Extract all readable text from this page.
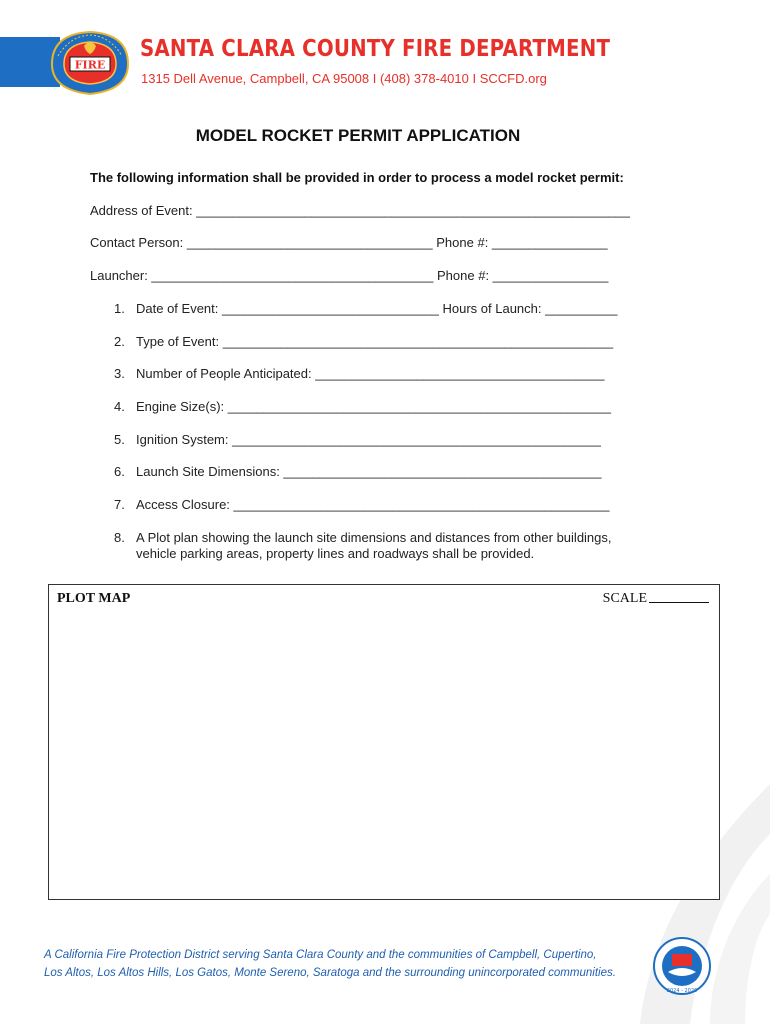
FIRE
SANTA CLARA COUNTY FIRE DEPARTMENT

1315 Dell Avenue, Campbell, CA 95008 I (408) 378-4010 I SCCFD.org

MODEL ROCKET PERMIT APPLICATION

The following information shall be provided in order to process a model rocket permit:

Address of Event: ____________________________________________________________
Contact Person: __________________________________ Phone #: ________________
Launcher: _______________________________________ Phone #: ________________
1. Date of Event: ______________________________ Hours of Launch: __________
2. Type of Event: ______________________________________________________
3. Number of People Anticipated: ________________________________________
4. Engine Size(s): _____________________________________________________
5. Ignition System: ___________________________________________________
6. Launch Site Dimensions: ____________________________________________
7. Access Closure: ____________________________________________________
8. A Plot plan showing the launch site dimensions and distances from other buildings,
vehicle parking areas, property lines and roadways shall be provided.
PLOT MAP	SCALE
A California Fire Protection District serving Santa Clara County and the communities of Campbell, Cupertino,
Los Altos, Los Altos Hills, Los Gatos, Monte Sereno, Saratoga and the surrounding unincorporated communities.
2024 - 2026
